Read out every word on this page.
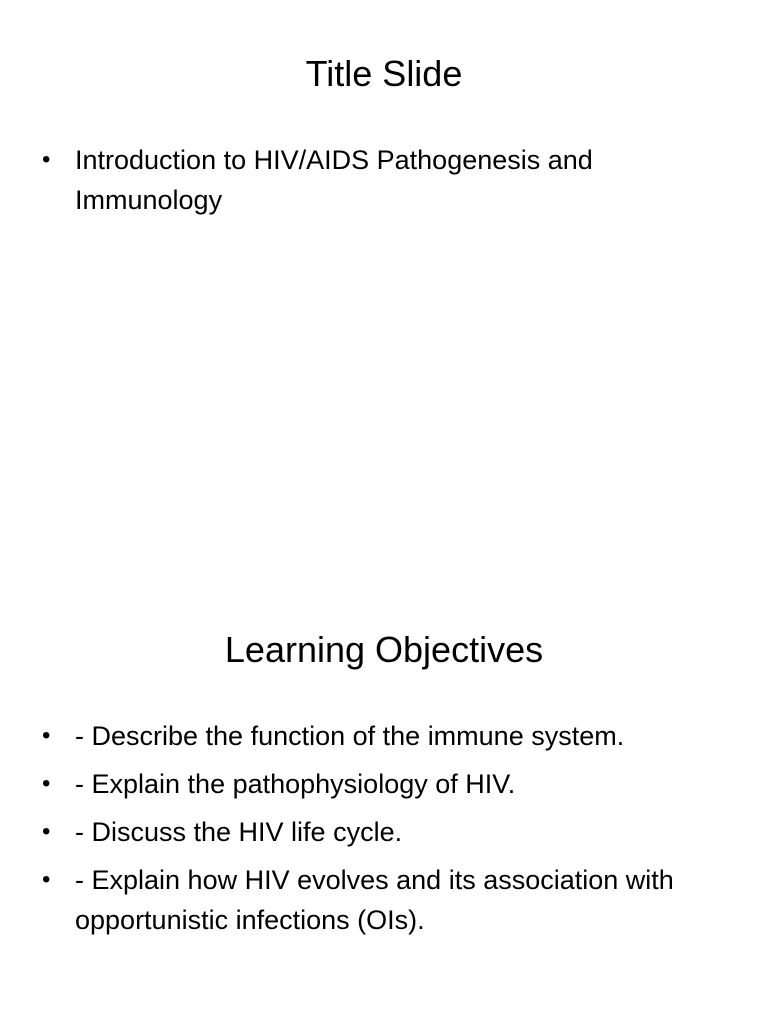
Title Slide
• Introduction to HIV/AIDS Pathogenesis and Immunology
Learning Objectives
• - Describe the function of the immune system.
• - Explain the pathophysiology of HIV.
• - Discuss the HIV life cycle.
• - Explain how HIV evolves and its association with opportunistic infections (OIs).
